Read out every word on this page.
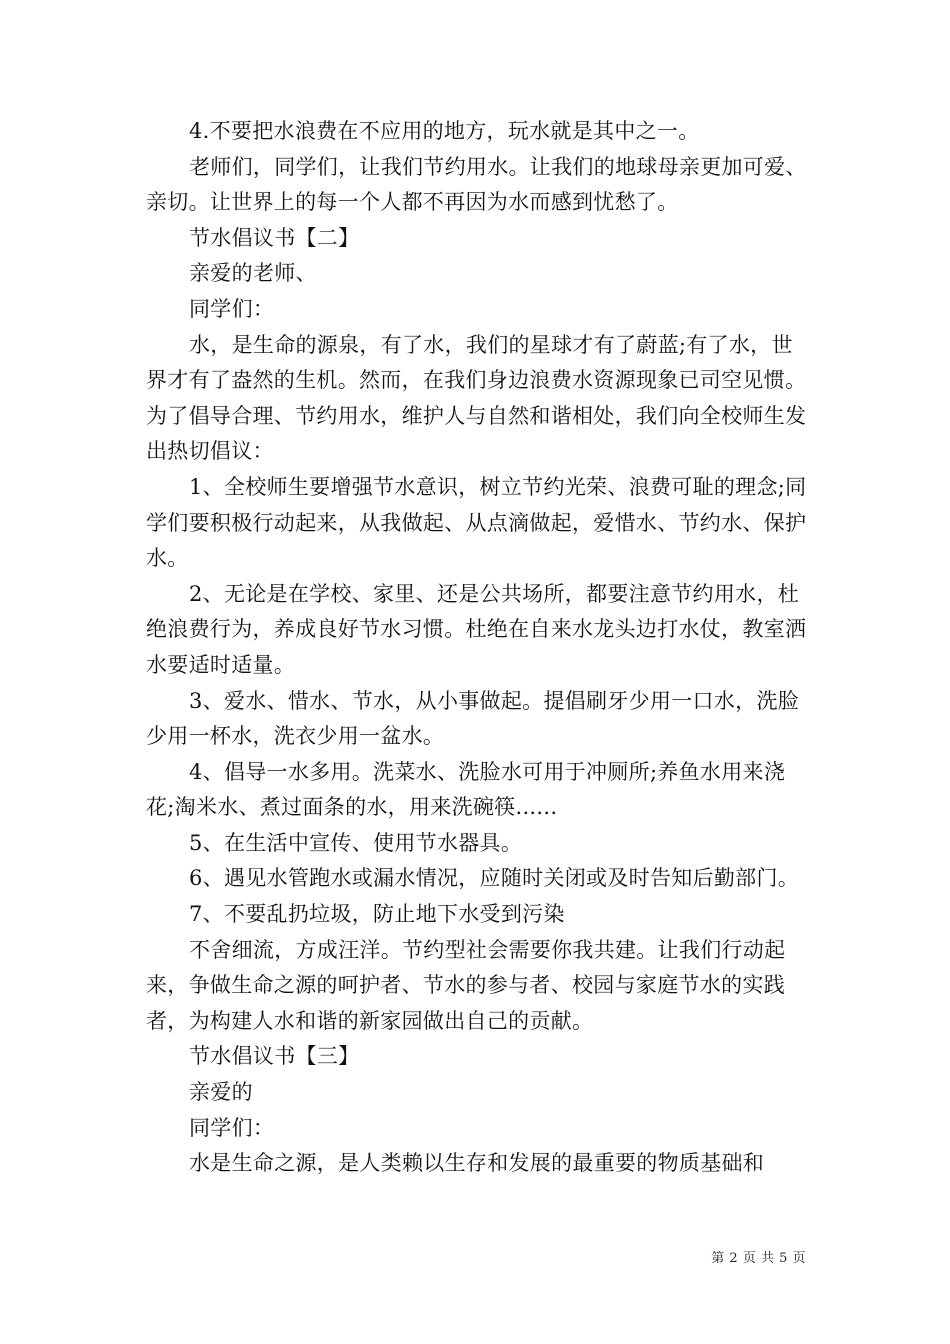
4.不要把水浪费在不应用的地方，玩水就是其中之一。

老师们，同学们，让我们节约用水。让我们的地球母亲更加可爱、亲切。让世界上的每一个人都不再因为水而感到忧愁了。

节水倡议书【二】

亲爱的老师、

同学们：

水，是生命的源泉，有了水，我们的星球才有了蔚蓝;有了水，世界才有了盎然的生机。然而，在我们身边浪费水资源现象已司空见惯。为了倡导合理、节约用水，维护人与自然和谐相处，我们向全校师生发出热切倡议：

1、全校师生要增强节水意识，树立节约光荣、浪费可耻的理念;同学们要积极行动起来，从我做起、从点滴做起，爱惜水、节约水、保护水。

2、无论是在学校、家里、还是公共场所，都要注意节约用水，杜绝浪费行为，养成良好节水习惯。杜绝在自来水龙头边打水仗，教室洒水要适时适量。

3、爱水、惜水、节水，从小事做起。提倡刷牙少用一口水，洗脸少用一杯水，洗衣少用一盆水。

4、倡导一水多用。洗菜水、洗脸水可用于冲厕所;养鱼水用来浇花;淘米水、煮过面条的水，用来洗碗筷......

5、在生活中宣传、使用节水器具。

6、遇见水管跑水或漏水情况，应随时关闭或及时告知后勤部门。

7、不要乱扔垃圾，防止地下水受到污染

不舍细流，方成汪洋。节约型社会需要你我共建。让我们行动起来，争做生命之源的呵护者、节水的参与者、校园与家庭节水的实践者，为构建人水和谐的新家园做出自己的贡献。

节水倡议书【三】

亲爱的

同学们：

水是生命之源，是人类赖以生存和发展的最重要的物质基础和

第 2 页 共 5 页
